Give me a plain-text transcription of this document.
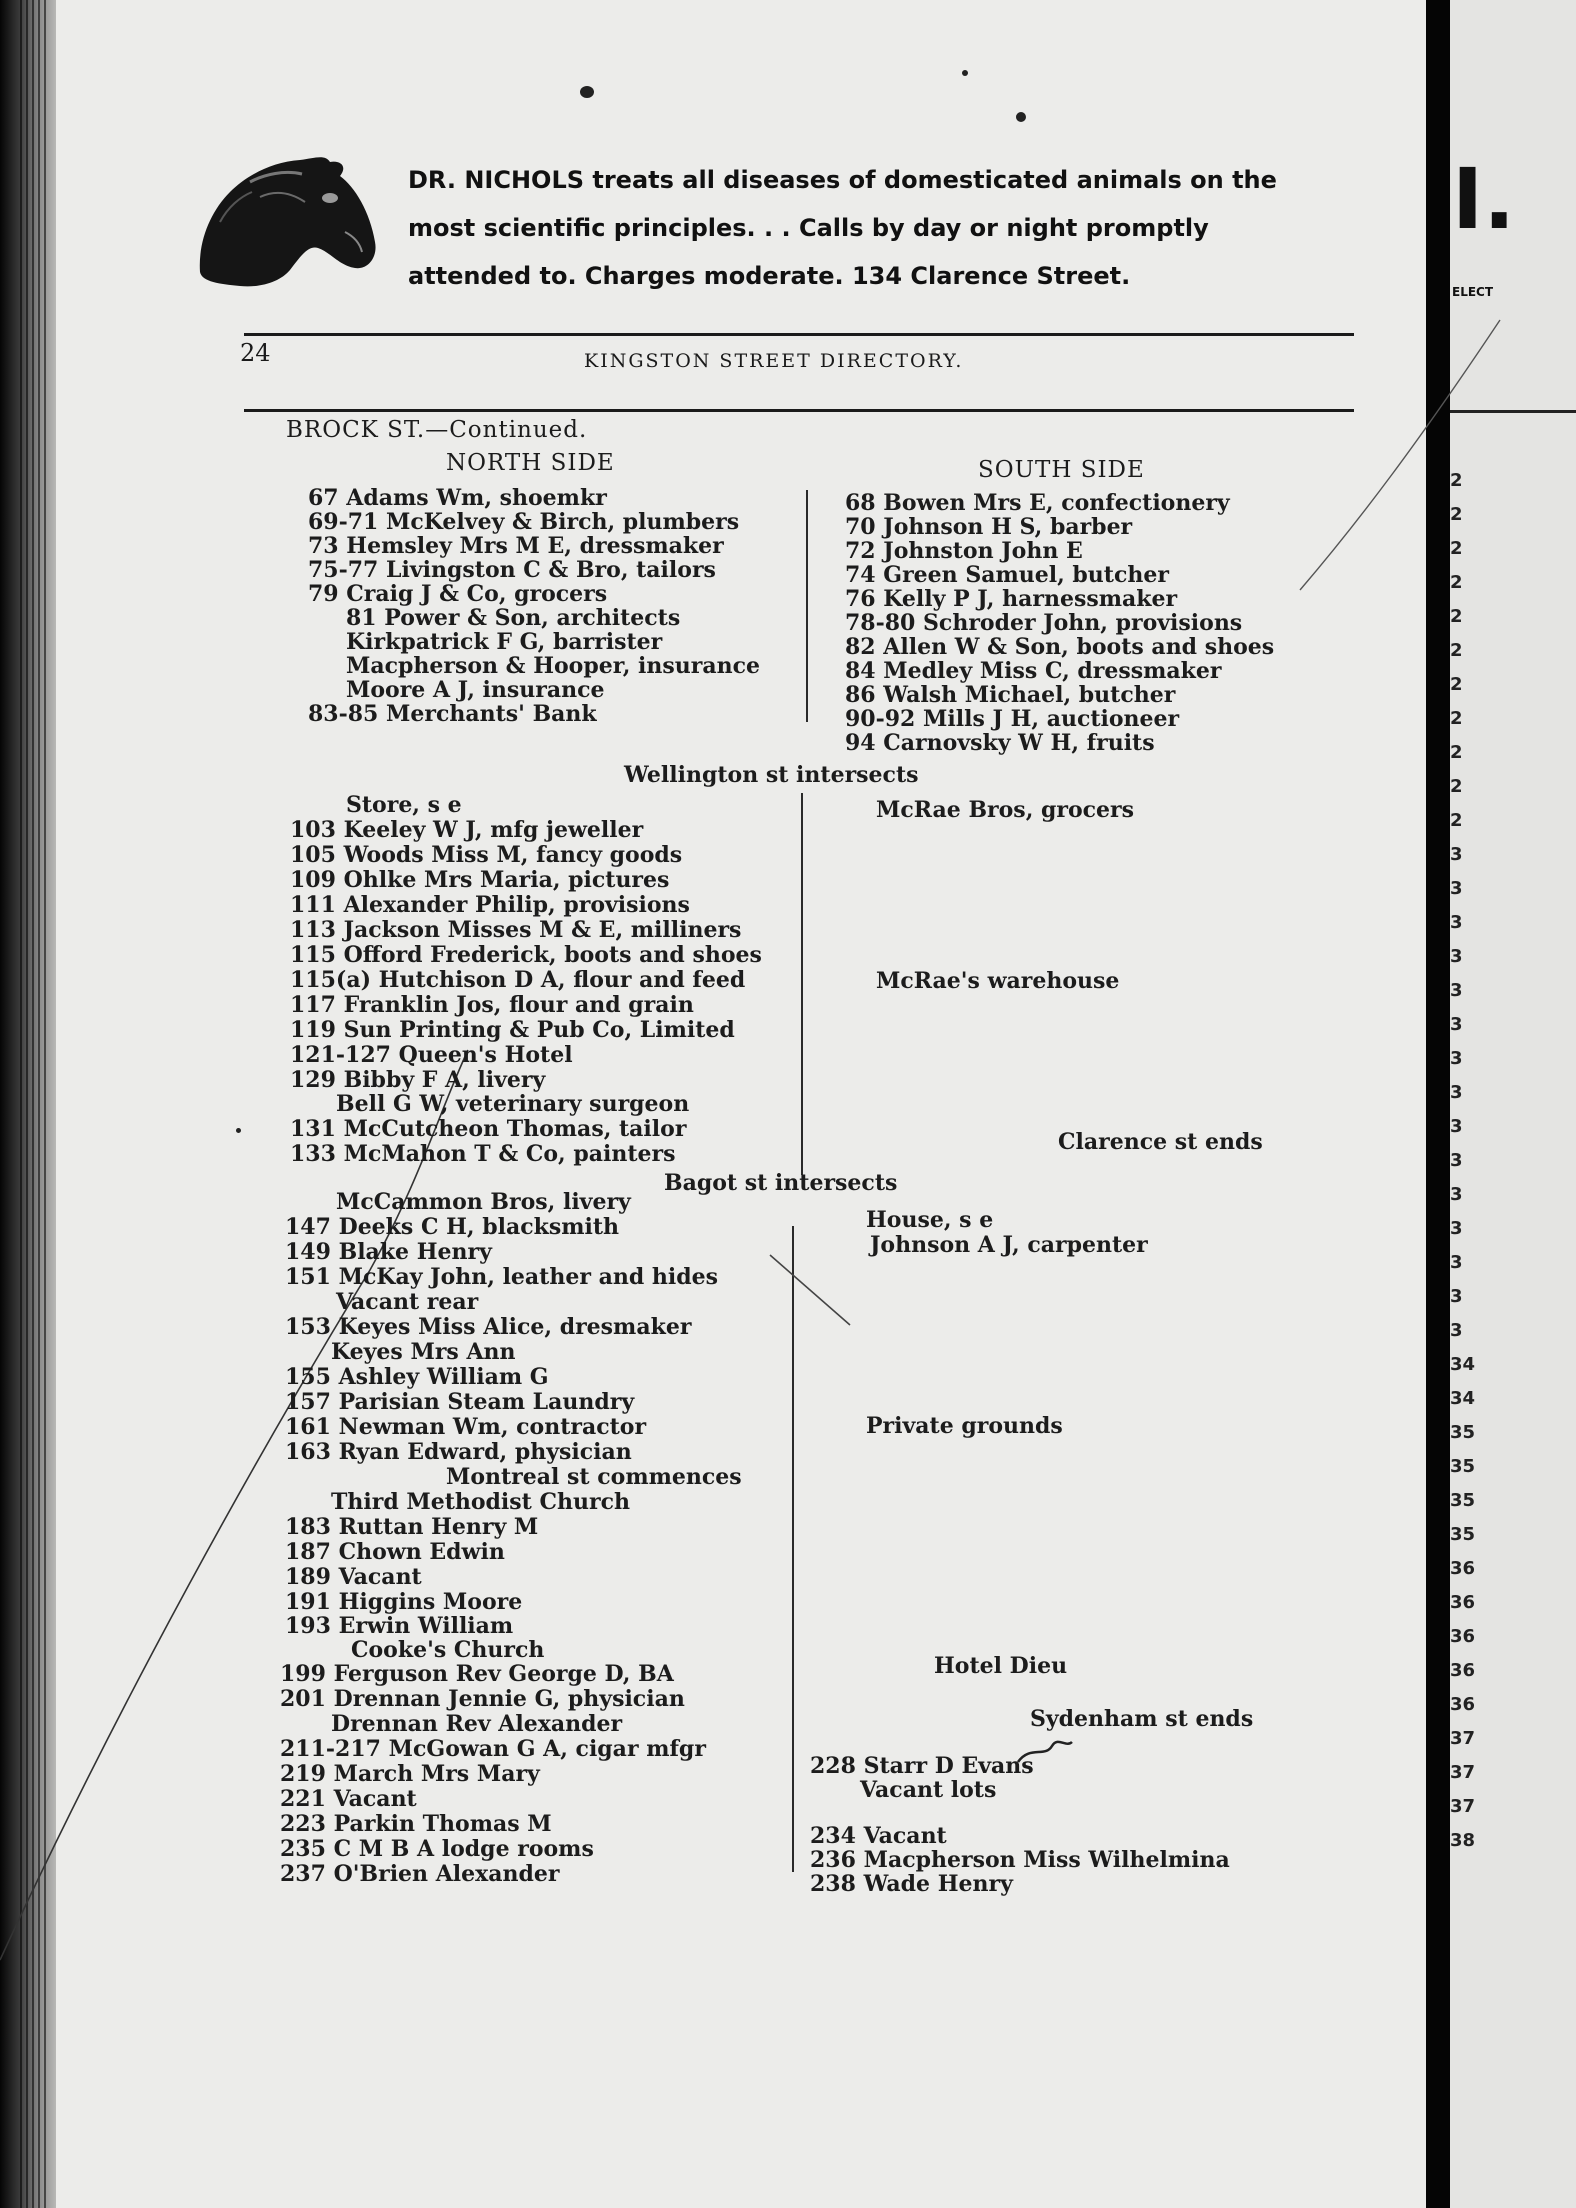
DR. NICHOLS treats all diseases of domesticated animals on the
most scientific principles. . . Calls by day or night promptly
attended to. Charges moderate. 134 Clarence Street.
24	KINGSTON STREET DIRECTORY.
BROCK ST.—Continued.
NORTH SIDE	SOUTH SIDE
Wellington st intersects
Bagot st intersects
Montreal st commences
I.
ELECT
2
2
2
2
2
2
2
2
2
2
2
3
3
3
3
3
3
3
3
3
3
3
3
3
3
3
34
34
35
35
35
35
36
36
36
36
36
37
37
37
38
67 Adams Wm, shoemkr
69-71 McKelvey & Birch, plumbers
73 Hemsley Mrs M E, dressmaker
75-77 Livingston C & Bro, tailors
79 Craig J & Co, grocers
81 Power & Son, architects
Kirkpatrick F G, barrister
Macpherson & Hooper, insurance
Moore A J, insurance
83-85 Merchants' Bank
Store, s e
103 Keeley W J, mfg jeweller
105 Woods Miss M, fancy goods
109 Ohlke Mrs Maria, pictures
111 Alexander Philip, provisions
113 Jackson Misses M & E, milliners
115 Offord Frederick, boots and shoes
115(a) Hutchison D A, flour and feed
117 Franklin Jos, flour and grain
119 Sun Printing & Pub Co, Limited
121-127 Queen's Hotel
129 Bibby F A, livery
Bell G W, veterinary surgeon
131 McCutcheon Thomas, tailor
133 McMahon T & Co, painters
McCammon Bros, livery
147 Deeks C H, blacksmith
149 Blake Henry
151 McKay John, leather and hides
Vacant rear
153 Keyes Miss Alice, dresmaker
Keyes Mrs Ann
155 Ashley William G
157 Parisian Steam Laundry
161 Newman Wm, contractor
163 Ryan Edward, physician
Third Methodist Church
183 Ruttan Henry M
187 Chown Edwin
189 Vacant
191 Higgins Moore
193 Erwin William
Cooke's Church
199 Ferguson Rev George D, BA
201 Drennan Jennie G, physician
Drennan Rev Alexander
211-217 McGowan G A, cigar mfgr
219 March Mrs Mary
221 Vacant
223 Parkin Thomas M
235 C M B A lodge rooms
237 O'Brien Alexander
68 Bowen Mrs E, confectionery
70 Johnson H S, barber
72 Johnston John E
74 Green Samuel, butcher
76 Kelly P J, harnessmaker
78-80 Schroder John, provisions
82 Allen W & Son, boots and shoes
84 Medley Miss C, dressmaker
86 Walsh Michael, butcher
90-92 Mills J H, auctioneer
94 Carnovsky W H, fruits
McRae Bros, grocers
McRae's warehouse
Clarence st ends
House, s e
Johnson A J, carpenter
Private grounds
Hotel Dieu
Sydenham st ends
228 Starr D Evans
Vacant lots
234 Vacant
236 Macpherson Miss Wilhelmina
238 Wade Henry
